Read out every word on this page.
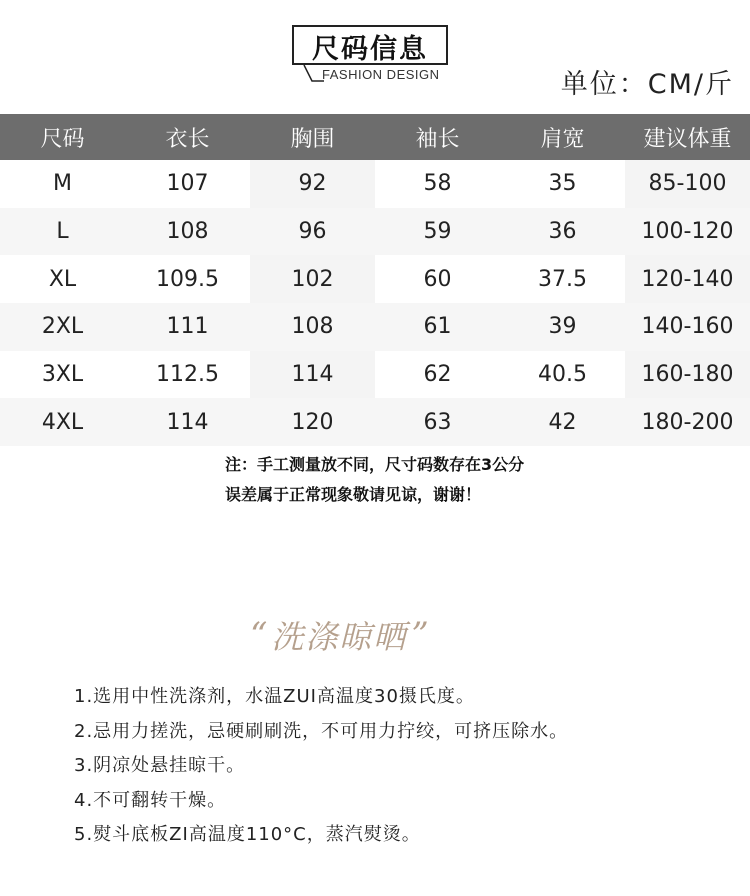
尺码信息
FASHION DESIGN	单位：CM/斤
尺码	衣长	胸围	袖长	肩宽	建议体重
M	107	92	58	35	85-100
L	108	96	59	36	100-120
XL	109.5	102	60	37.5	120-140
2XL	111	108	61	39	140-160
3XL	112.5	114	62	40.5	160-180
4XL	114	120	63	42	180-200
注：手工测量放不同，尺寸码数存在3公分
误差属于正常现象敬请见谅，谢谢！
“ 洗涤晾晒 ”
1.选用中性洗涤剂，水温ZUI高温度30摄氏度。
2.忌用力搓洗，忌硬刷刷洗，不可用力拧绞，可挤压除水。
3.阴凉处悬挂晾干。
4.不可翻转干燥。
5.熨斗底板ZI高温度110°C，蒸汽熨烫。
